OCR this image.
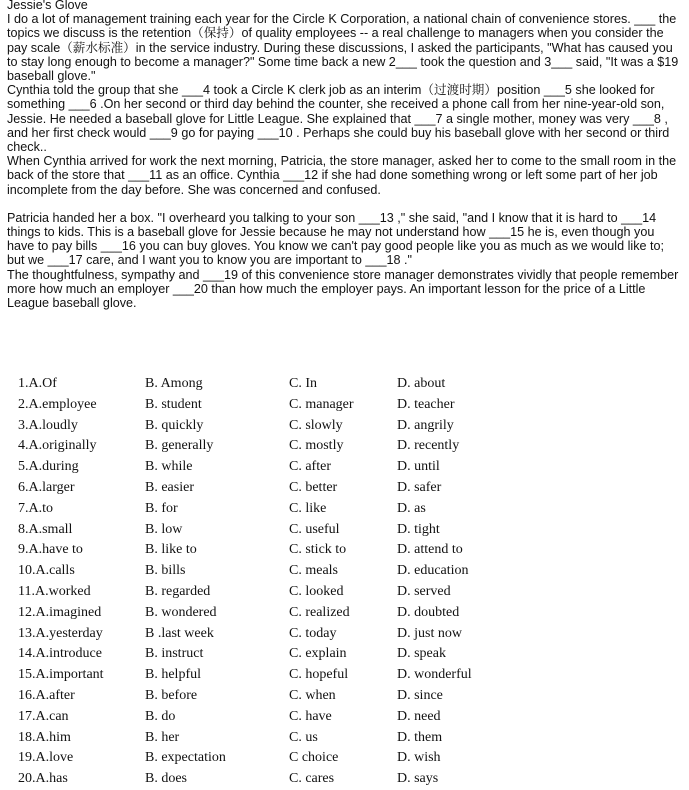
Jessie's Glove

I do a lot of management training each year for the Circle K Corporation, a national chain of convenience stores. ___ the topics we discuss is the retention（保持）of quality employees -- a real challenge to managers when you consider the pay scale（薪水标准）in the service industry. During these discussions, I asked the participants, "What has caused you to stay long enough to become a manager?" Some time back a new 2___ took the question and 3___ said, "It was a $19 baseball glove."

Cynthia told the group that she ___4 took a Circle K clerk job as an interim（过渡时期）position ___5 she looked for something ___6 .On her second or third day behind the counter, she received a phone call from her nine-year-old son, Jessie. He needed a baseball glove for Little League. She explained that ___7 a single mother, money was very ___8 , and her first check would ___9 go for paying ___10 . Perhaps she could buy his baseball glove with her second or third check..

When Cynthia arrived for work the next morning, Patricia, the store manager, asked her to come to the small room in the back of the store that ___11 as an office. Cynthia ___12 if she had done something wrong or left some part of her job incomplete from the day before. She was concerned and confused.

Patricia handed her a box. "I overheard you talking to your son ___13 ," she said, "and I know that it is hard to ___14 things to kids. This is a baseball glove for Jessie because he may not understand how ___15 he is, even though you have to pay bills ___16 you can buy gloves. You know we can't pay good people like you as much as we would like to; but we ___17 care, and I want you to know you are important to ___18 ."

The thoughtfulness, sympathy and ___19 of this convenience store manager demonstrates vividly that people remember more how much an employer ___20 than how much the employer pays. An important lesson for the price of a Little League baseball glove.

1.A.Of	B. Among	C. In	D. about
2.A.employee	B. student	C. manager	D. teacher
3.A.loudly	B. quickly	C. slowly	D. angrily
4.A.originally	B. generally	C. mostly	D. recently
5.A.during	B. while	C. after	D. until
6.A.larger	B. easier	C. better	D. safer
7.A.to	B. for	C. like	D. as
8.A.small	B. low	C. useful	D. tight
9.A.have to	B. like to	C. stick to	D. attend to
10.A.calls	B. bills	C. meals	D. education
11.A.worked	B. regarded	C. looked	D. served
12.A.imagined	B. wondered	C. realized	D. doubted
13.A.yesterday	B .last week	C. today	D. just now
14.A.introduce	B. instruct	C. explain	D. speak
15.A.important	B. helpful	C. hopeful	D. wonderful
16.A.after	B. before	C. when	D. since
17.A.can	B. do	C. have	D. need
18.A.him	B. her	C. us	D. them
19.A.love	B. expectation	C choice	D. wish
20.A.has	B. does	C. cares	D. says
